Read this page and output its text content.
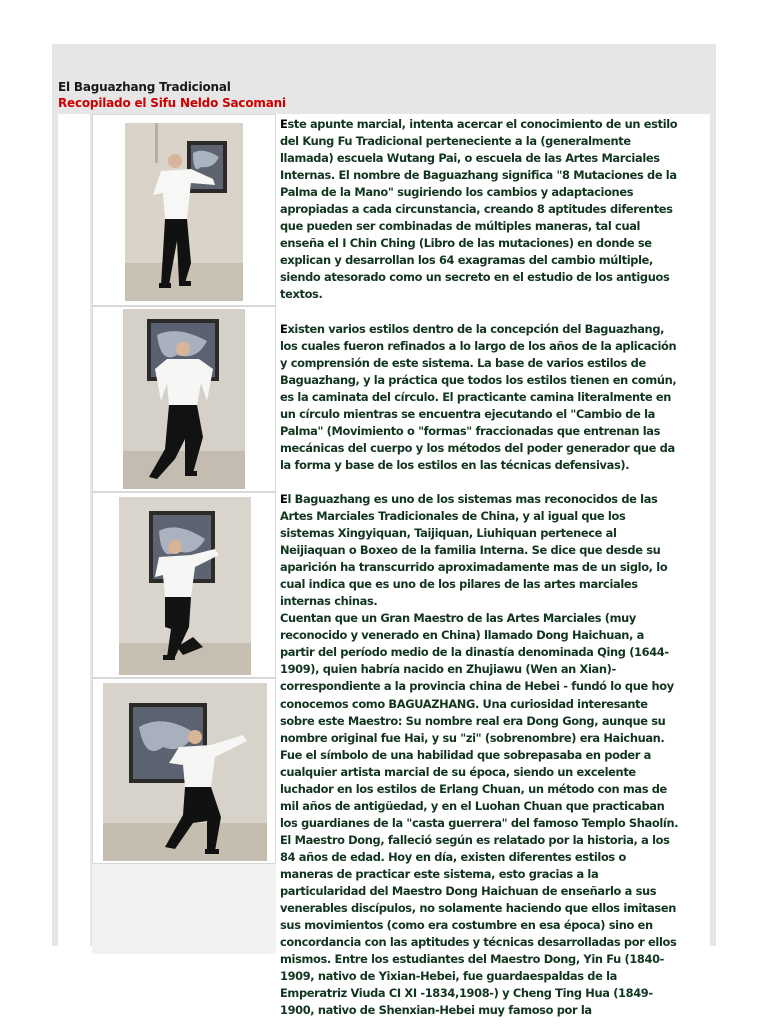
El Baguazhang Tradicional
Recopilado el Sifu Neldo Sacomani

Este apunte marcial, intenta acercar el conocimiento de un estilo del Kung Fu Tradicional perteneciente a la (generalmente llamada) escuela Wutang Pai, o escuela de las Artes Marciales Internas. El nombre de Baguazhang significa "8 Mutaciones de la Palma de la Mano" sugiriendo los cambios y adaptaciones apropiadas a cada circunstancia, creando 8 aptitudes diferentes que pueden ser combinadas de múltiples maneras, tal cual enseña el I Chin Ching (Libro de las mutaciones) en donde se explican y desarrollan los 64 exagramas del cambio múltiple, siendo atesorado como un secreto en el estudio de los antiguos textos.

Existen varios estilos dentro de la concepción del Baguazhang, los cuales fueron refinados a lo largo de los años de la aplicación y comprensión de este sistema. La base de varios estilos de Baguazhang, y la práctica que todos los estilos tienen en común, es la caminata del círculo. El practicante camina literalmente en un círculo mientras se encuentra ejecutando el "Cambio de la Palma" (Movimiento o "formas" fraccionadas que entrenan las mecánicas del cuerpo y los métodos del poder generador que da la forma y base de los estilos en las técnicas defensivas).

El Baguazhang es uno de los sistemas mas reconocidos de las Artes Marciales Tradicionales de China, y al igual que los sistemas Xingyiquan, Taijiquan, Liuhiquan pertenece al Neijiaquan o Boxeo de la familia Interna. Se dice que desde su aparición ha transcurrido aproximadamente mas de un siglo, lo cual indica que es uno de los pilares de las artes marciales internas chinas.

Cuentan que un Gran Maestro de las Artes Marciales (muy reconocido y venerado en China) llamado Dong Haichuan, a partir del período medio de la dinastía denominada Qing (1644-1909), quien habría nacido en Zhujiawu (Wen an Xian)- correspondiente a la provincia china de Hebei - fundó lo que hoy conocemos como BAGUAZHANG. Una curiosidad interesante sobre este Maestro: Su nombre real era Dong Gong, aunque su nombre original fue Hai, y su "zi" (sobrenombre) era Haichuan. Fue el símbolo de una habilidad que sobrepasaba en poder a cualquier artista marcial de su época, siendo un excelente luchador en los estilos de Erlang Chuan, un método con mas de mil años de antigüedad, y en el Luohan Chuan que practicaban los guardianes de la "casta guerrera" del famoso Templo Shaolín. El Maestro Dong, falleció según es relatado por la historia, a los 84 años de edad. Hoy en día, existen diferentes estilos o maneras de practicar este sistema, esto gracias a la particularidad del Maestro Dong Haichuan de enseñarlo a sus venerables discípulos, no solamente haciendo que ellos imitasen sus movimientos (como era costumbre en esa época) sino en concordancia con las aptitudes y técnicas desarrolladas por ellos mismos. Entre los estudiantes del Maestro Dong, Yin Fu (1840-1909, nativo de Yixian-Hebei, fue guardaespaldas de la Emperatriz Viuda CI XI -1834,1908-) y Cheng Ting Hua (1849-1900, nativo de Shenxian-Hebei muy famoso por la
